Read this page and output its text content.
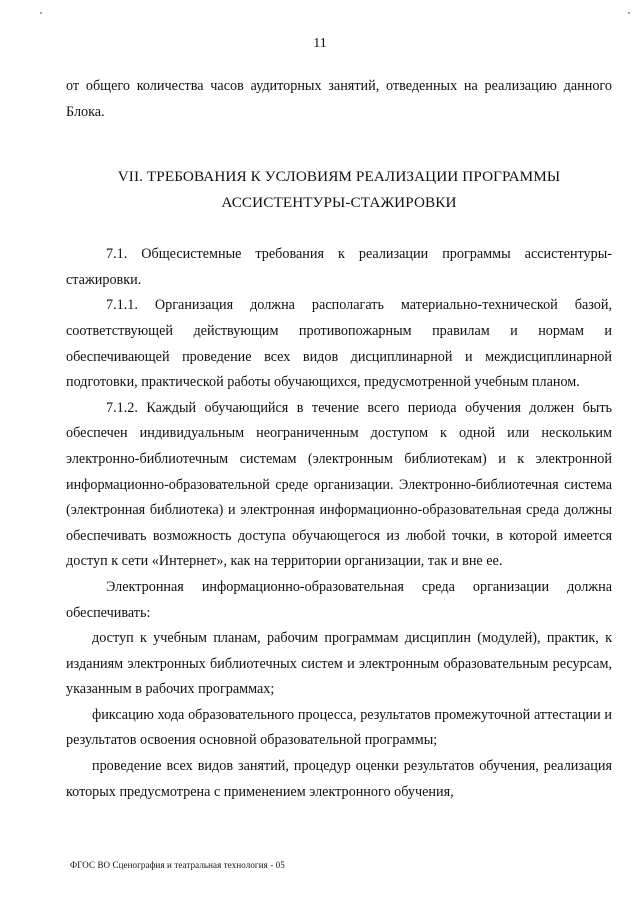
11

от общего количества часов аудиторных занятий, отведенных на реализацию данного Блока.

VII. ТРЕБОВАНИЯ К УСЛОВИЯМ РЕАЛИЗАЦИИ ПРОГРАММЫ
АССИСТЕНТУРЫ-СТАЖИРОВКИ

7.1. Общесистемные требования к реализации программы ассистентуры-стажировки.

7.1.1. Организация должна располагать материально-технической базой, соответствующей действующим противопожарным правилам и нормам и обеспечивающей проведение всех видов дисциплинарной и междисциплинарной подготовки, практической работы обучающихся, предусмотренной учебным планом.

7.1.2. Каждый обучающийся в течение всего периода обучения должен быть обеспечен индивидуальным неограниченным доступом к одной или нескольким электронно-библиотечным системам (электронным библиотекам) и к электронной информационно-образовательной среде организации. Электронно-библиотечная система (электронная библиотека) и электронная информационно-образовательная среда должны обеспечивать возможность доступа обучающегося из любой точки, в которой имеется доступ к сети «Интернет», как на территории организации, так и вне ее.

Электронная информационно-образовательная среда организации должна обеспечивать:

доступ к учебным планам, рабочим программам дисциплин (модулей), практик, к изданиям электронных библиотечных систем и электронным образовательным ресурсам, указанным в рабочих программах;

фиксацию хода образовательного процесса, результатов промежуточной аттестации и результатов освоения основной образовательной программы;

проведение всех видов занятий, процедур оценки результатов обучения, реализация которых предусмотрена с применением электронного обучения,

ФГОС ВО Сценография и театральная технология - 05
